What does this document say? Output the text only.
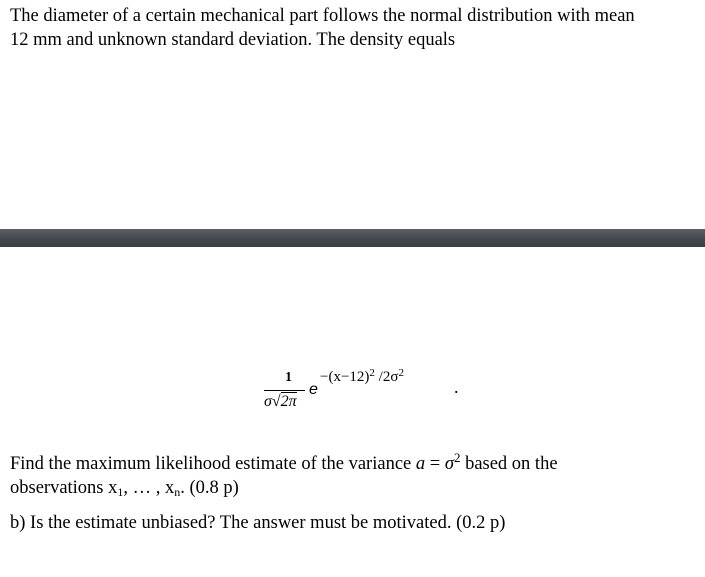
The diameter of a certain mechanical part follows the normal distribution with mean
12 mm and unknown standard deviation. The density equals
1
σ√2π
e
$-(x-12)^2$ $/2\sigma^2$
.
Find the maximum likelihood estimate of the variance $a = \sigma^2$ based on the
observations $x_1$, … , $x_n$. (0.8 p)
b) Is the estimate unbiased? The answer must be motivated. (0.2 p)
